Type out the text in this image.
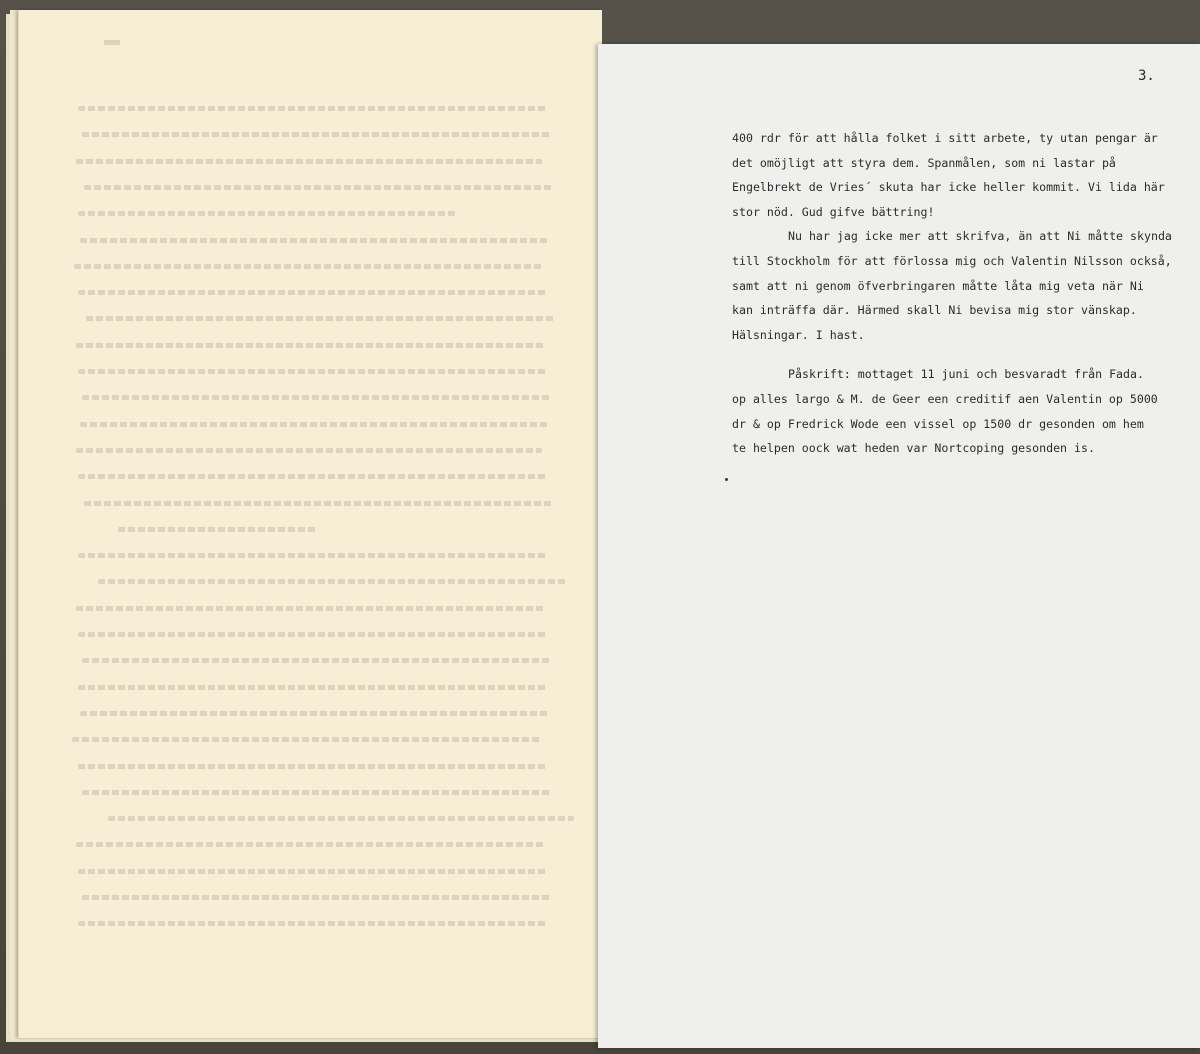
3.

400 rdr för att hålla folket i sitt arbete, ty utan pengar är

det omöjligt att styra dem. Spanmålen, som ni lastar på

Engelbrekt de Vries´ skuta har icke heller kommit. Vi lida här

stor nöd. Gud gifve bättring!

Nu har jag icke mer att skrifva, än att Ni måtte skynda

till Stockholm för att förlossa mig och Valentin Nilsson också,

samt att ni genom öfverbringaren måtte låta mig veta när Ni

kan inträffa där. Härmed skall Ni bevisa mig stor vänskap.

Hälsningar. I hast.

Påskrift: mottaget 11 juni och besvaradt från Fada.

op alles largo & M. de Geer een creditif aen Valentin op 5000

dr & op Fredrick Wode een vissel op 1500 dr gesonden om hem

te helpen oock wat heden var Nortcoping gesonden is.
